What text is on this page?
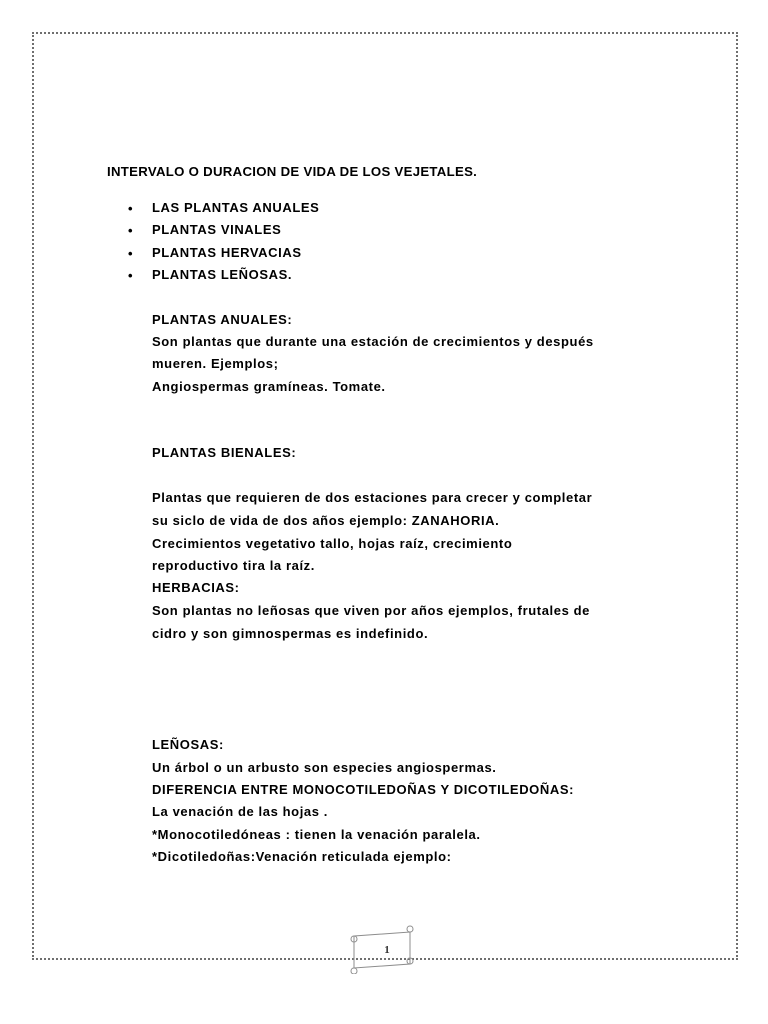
INTERVALO O DURACION DE VIDA DE LOS VEJETALES.
• LAS PLANTAS ANUALES
• PLANTAS VINALES
• PLANTAS HERVACIAS
• PLANTAS LEÑOSAS.
PLANTAS ANUALES:
Son plantas que durante una estación de crecimientos y después
mueren. Ejemplos;
Angiospermas gramíneas. Tomate.
PLANTAS BIENALES:
Plantas que requieren de dos estaciones para crecer y completar
su siclo de vida de dos años ejemplo: ZANAHORIA.
Crecimientos vegetativo tallo, hojas raíz, crecimiento
reproductivo tira la raíz.
HERBACIAS:
Son plantas no leñosas que viven por años ejemplos, frutales de
cidro y son gimnospermas es indefinido.
LEÑOSAS:
Un árbol o un arbusto son especies angiospermas.
DIFERENCIA ENTRE MONOCOTILEDOÑAS Y DICOTILEDOÑAS:
La venación de las hojas .
*Monocotiledóneas : tienen la venación paralela.
*Dicotiledoñas:Venación reticulada ejemplo:
1
